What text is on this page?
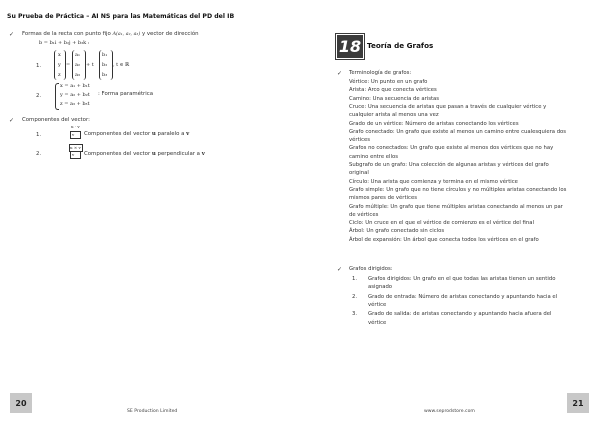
Su Prueba de Práctica – AI NS para las Matemáticas del PD del IB
✓ Formas de la recta con punto fijo A(a₁, a₂, a₃) y vector de dirección
b = b₁i + b₂j + b₃k :
1.
x
y
z
=
a₁
a₂
a₃
+ t
b₁
b₂
b₃
, t ∈ ℝ
2.
x = a₁ + b₁t
y = a₂ + b₂t
z = a₃ + b₃t
: Forma paramétrica
✓ Componentes del vector:
1.
u · v
v Componentes del vector u paralelo a v
2.
u × v
v Componentes del vector u perpendicular a v
20
SE Production Limited
18 Teoría de Grafos
✓ Terminología de grafos:
Vértice: Un punto en un grafo
Arista: Arco que conecta vértices
Camino: Una secuencia de aristas
Cruce: Una secuencia de aristas que pasan a través de cualquier vértice y
cualquier arista al menos una vez
Grado de un vértice: Número de aristas conectando los vértices
Grafo conectado: Un grafo que existe al menos un camino entre cualesquiera dos
vértices
Grafos no conectados: Un grafo que existe al menos dos vértices que no hay
camino entre ellos
Subgrafo de un grafo: Una colección de algunas aristas y vértices del grafo
original
Círculo: Una arista que comienza y termina en el mismo vértice
Grafo simple: Un grafo que no tiene círculos y no múltiples aristas conectando los
mismos pares de vértices
Grafo múltiple: Un grafo que tiene múltiples aristas conectando al menos un par
de vértices
Ciclo: Un cruce en el que el vértice de comienzo es el vértice del final
Árbol: Un grafo conectado sin ciclos
Árbol de expansión: Un árbol que conecta todos los vértices en el grafo
✓ Grafos dirigidos:
1. Grafos dirigidos: Un grafo en el que todas las aristas tienen un sentido
asignado
2. Grado de entrada: Número de aristas conectando y apuntando hacia el
vértice
3. Grado de salida: de aristas conectando y apuntando hacia afuera del
vértice
21
www.seprodstore.com
